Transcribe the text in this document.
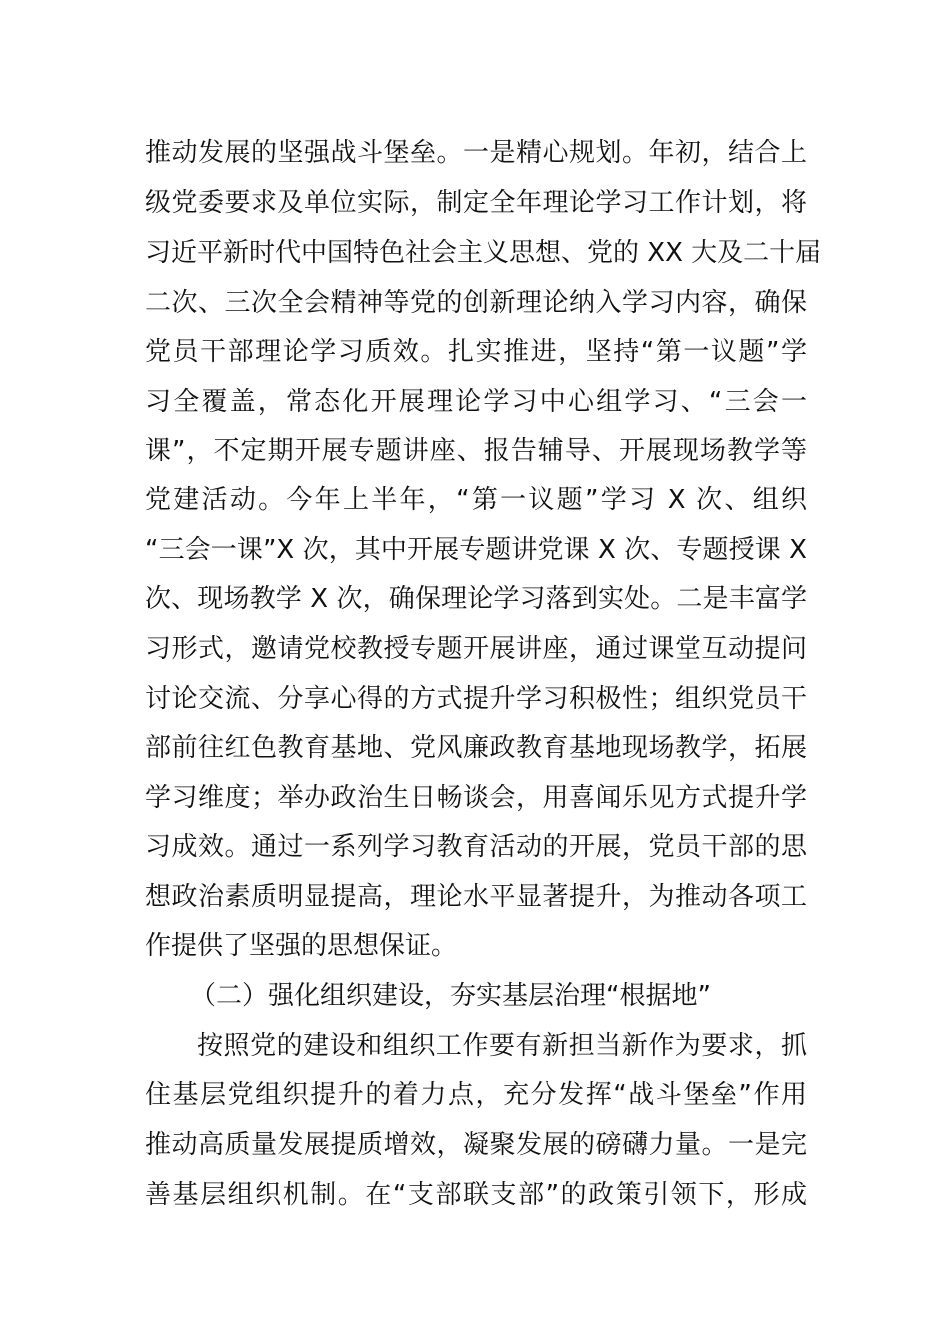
推动发展的坚强战斗堡垒。一是精心规划。年初，结合上
级党委要求及单位实际，制定全年理论学习工作计划，将
习近平新时代中国特色社会主义思想、党的 XX 大及二十届
二次、三次全会精神等党的创新理论纳入学习内容，确保
党员干部理论学习质效。扎实推进，坚持“第一议题”学
习全覆盖，常态化开展理论学习中心组学习、“三会一
课”，不定期开展专题讲座、报告辅导、开展现场教学等
党建活动。今年上半年，“第一议题”学习 X 次、组织
“三会一课”X 次，其中开展专题讲党课 X 次、专题授课 X
次、现场教学 X 次，确保理论学习落到实处。二是丰富学
习形式，邀请党校教授专题开展讲座，通过课堂互动提问
讨论交流、分享心得的方式提升学习积极性；组织党员干
部前往红色教育基地、党风廉政教育基地现场教学，拓展
学习维度；举办政治生日畅谈会，用喜闻乐见方式提升学
习成效。通过一系列学习教育活动的开展，党员干部的思
想政治素质明显提高，理论水平显著提升，为推动各项工
作提供了坚强的思想保证。
（二）强化组织建设，夯实基层治理“根据地”
按照党的建设和组织工作要有新担当新作为要求，抓
住基层党组织提升的着力点，充分发挥“战斗堡垒”作用
推动高质量发展提质增效，凝聚发展的磅礴力量。一是完
善基层组织机制。在“支部联支部”的政策引领下，形成
